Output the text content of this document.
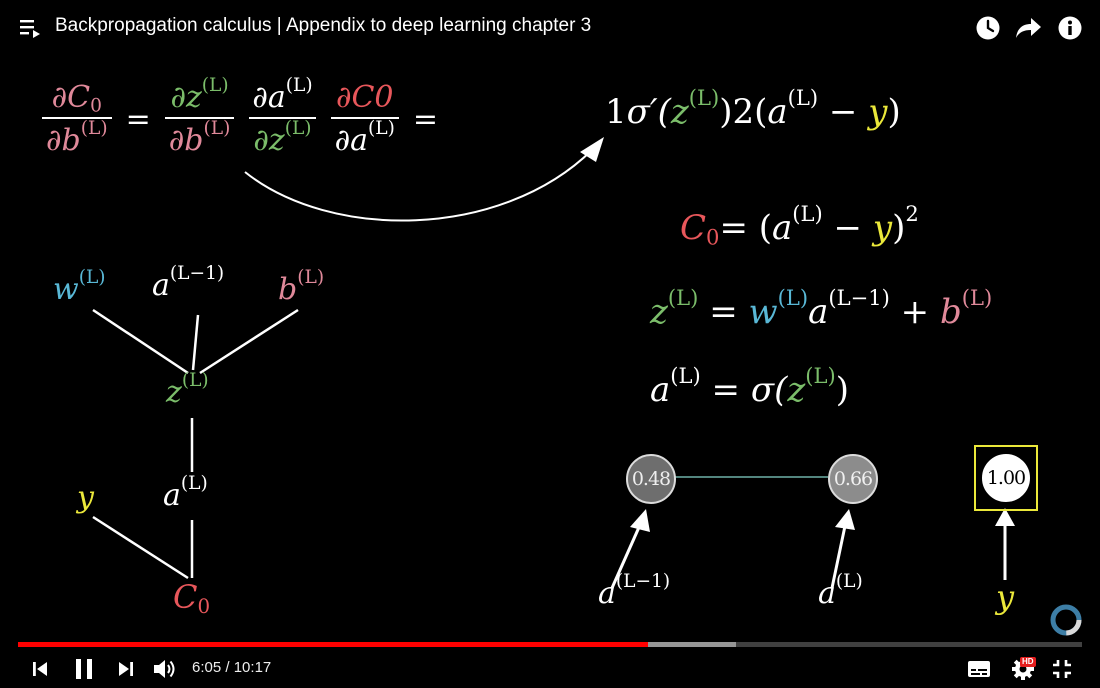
Backpropagation calculus | Appendix to deep learning chapter 3
$\frac{\partial C_0}{\partial b^{(L)}} = \frac{\partial z^{(L)}}{\partial b^{(L)}} \frac{\partial a^{(L)}}{\partial z^{(L)}} \frac{\partial C0}{\partial a^{(L)}}$ =	$1\sigma'(z^{(L)})2(a^{(L)} - y)$
$C_0= (a^{(L)} - y)^2$
$z^{(L)} = w^{(L)}a^{(L-1)} + b^{(L)}$
$a^{(L)} = \sigma(z^{(L)})$
$w^{(L)}$ $a^{(L-1)}$ $b^{(L)}$
$z^{(L)}$
y $a^{(L)}$
$C_0$
0.48	0.66	1.00
$a^{(L-1)}$	$a^{(L)}$	y
6:05 / 10:17	HD
